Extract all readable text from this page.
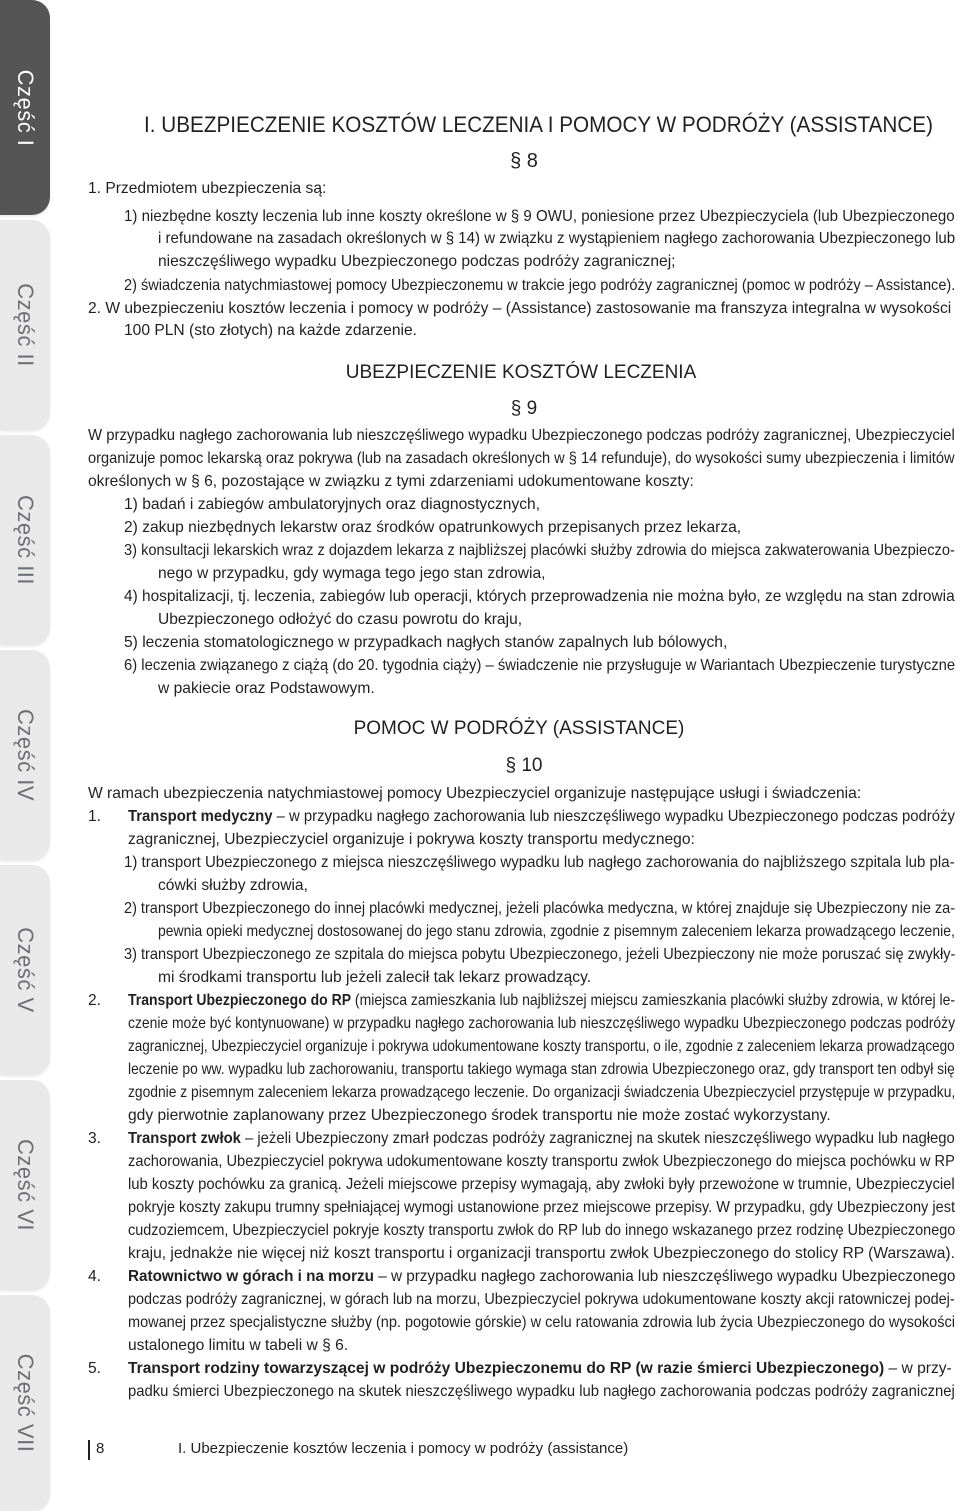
Część I
Część II
Część III
Część IV
Część V
Część VI
Część VII
I. UBEZPIECZENIE KOSZTÓW LECZENIA I POMOCY W PODRÓŻY (ASSISTANCE)
§ 8
1. Przedmiotem ubezpieczenia są:
1) niezbędne koszty leczenia lub inne koszty określone w § 9 OWU, poniesione przez Ubezpieczyciela (lub Ubezpieczonego
i refundowane na zasadach określonych w § 14) w związku z wystąpieniem nagłego zachorowania Ubezpieczonego lub
nieszczęśliwego wypadku Ubezpieczonego podczas podróży zagranicznej;
2) świadczenia natychmiastowej pomocy Ubezpieczonemu w trakcie jego podróży zagranicznej (pomoc w podróży – Assistance).
2. W ubezpieczeniu kosztów leczenia i pomocy w podróży – (Assistance) zastosowanie ma franszyza integralna w wysokości
100 PLN (sto złotych) na każde zdarzenie.
UBEZPIECZENIE KOSZTÓW LECZENIA
§ 9
W przypadku nagłego zachorowania lub nieszczęśliwego wypadku Ubezpieczonego podczas podróży zagranicznej, Ubezpieczyciel
organizuje pomoc lekarską oraz pokrywa (lub na zasadach określonych w § 14 refunduje), do wysokości sumy ubezpieczenia i limitów
określonych w § 6, pozostające w związku z tymi zdarzeniami udokumentowane koszty:
1) badań i zabiegów ambulatoryjnych oraz diagnostycznych,
2) zakup niezbędnych lekarstw oraz środków opatrunkowych przepisanych przez lekarza,
3) konsultacji lekarskich wraz z dojazdem lekarza z najbliższej placówki służby zdrowia do miejsca zakwaterowania Ubezpieczo-
nego w przypadku, gdy wymaga tego jego stan zdrowia,
4) hospitalizacji, tj. leczenia, zabiegów lub operacji, których przeprowadzenia nie można było, ze względu na stan zdrowia
Ubezpieczonego odłożyć do czasu powrotu do kraju,
5) leczenia stomatologicznego w przypadkach nagłych stanów zapalnych lub bólowych,
6) leczenia związanego z ciążą (do 20. tygodnia ciąży) – świadczenie nie przysługuje w Wariantach Ubezpieczenie turystyczne
w pakiecie oraz Podstawowym.
POMOC W PODRÓŻY (ASSISTANCE)
§ 10
W ramach ubezpieczenia natychmiastowej pomocy Ubezpieczyciel organizuje następujące usługi i świadczenia:
1. Transport medyczny – w przypadku nagłego zachorowania lub nieszczęśliwego wypadku Ubezpieczonego podczas podróży
zagranicznej, Ubezpieczyciel organizuje i pokrywa koszty transportu medycznego:
1) transport Ubezpieczonego z miejsca nieszczęśliwego wypadku lub nagłego zachorowania do najbliższego szpitala lub pla-
cówki służby zdrowia,
2) transport Ubezpieczonego do innej placówki medycznej, jeżeli placówka medyczna, w której znajduje się Ubezpieczony nie za-
pewnia opieki medycznej dostosowanej do jego stanu zdrowia, zgodnie z pisemnym zaleceniem lekarza prowadzącego leczenie,
3) transport Ubezpieczonego ze szpitala do miejsca pobytu Ubezpieczonego, jeżeli Ubezpieczony nie może poruszać się zwykły-
mi środkami transportu lub jeżeli zalecił tak lekarz prowadzący.
2. Transport Ubezpieczonego do RP (miejsca zamieszkania lub najbliższej miejscu zamieszkania placówki służby zdrowia, w której le-
czenie może być kontynuowane) w przypadku nagłego zachorowania lub nieszczęśliwego wypadku Ubezpieczonego podczas podróży
zagranicznej, Ubezpieczyciel organizuje i pokrywa udokumentowane koszty transportu, o ile, zgodnie z zaleceniem lekarza prowadzącego
leczenie po ww. wypadku lub zachorowaniu, transportu takiego wymaga stan zdrowia Ubezpieczonego oraz, gdy transport ten odbył się
zgodnie z pisemnym zaleceniem lekarza prowadzącego leczenie. Do organizacji świadczenia Ubezpieczyciel przystępuje w przypadku,
gdy pierwotnie zaplanowany przez Ubezpieczonego środek transportu nie może zostać wykorzystany.
3. Transport zwłok – jeżeli Ubezpieczony zmarł podczas podróży zagranicznej na skutek nieszczęśliwego wypadku lub nagłego
zachorowania, Ubezpieczyciel pokrywa udokumentowane koszty transportu zwłok Ubezpieczonego do miejsca pochówku w RP
lub koszty pochówku za granicą. Jeżeli miejscowe przepisy wymagają, aby zwłoki były przewożone w trumnie, Ubezpieczyciel
pokryje koszty zakupu trumny spełniającej wymogi ustanowione przez miejscowe przepisy. W przypadku, gdy Ubezpieczony jest
cudzoziemcem, Ubezpieczyciel pokryje koszty transportu zwłok do RP lub do innego wskazanego przez rodzinę Ubezpieczonego
kraju, jednakże nie więcej niż koszt transportu i organizacji transportu zwłok Ubezpieczonego do stolicy RP (Warszawa).
4. Ratownictwo w górach i na morzu – w przypadku nagłego zachorowania lub nieszczęśliwego wypadku Ubezpieczonego
podczas podróży zagranicznej, w górach lub na morzu, Ubezpieczyciel pokrywa udokumentowane koszty akcji ratowniczej podej-
mowanej przez specjalistyczne służby (np. pogotowie górskie) w celu ratowania zdrowia lub życia Ubezpieczonego do wysokości
ustalonego limitu w tabeli w § 6.
5. Transport rodziny towarzyszącej w podróży Ubezpieczonemu do RP (w razie śmierci Ubezpieczonego) – w przy-
padku śmierci Ubezpieczonego na skutek nieszczęśliwego wypadku lub nagłego zachorowania podczas podróży zagranicznej
8	I. Ubezpieczenie kosztów leczenia i pomocy w podróży (assistance)
